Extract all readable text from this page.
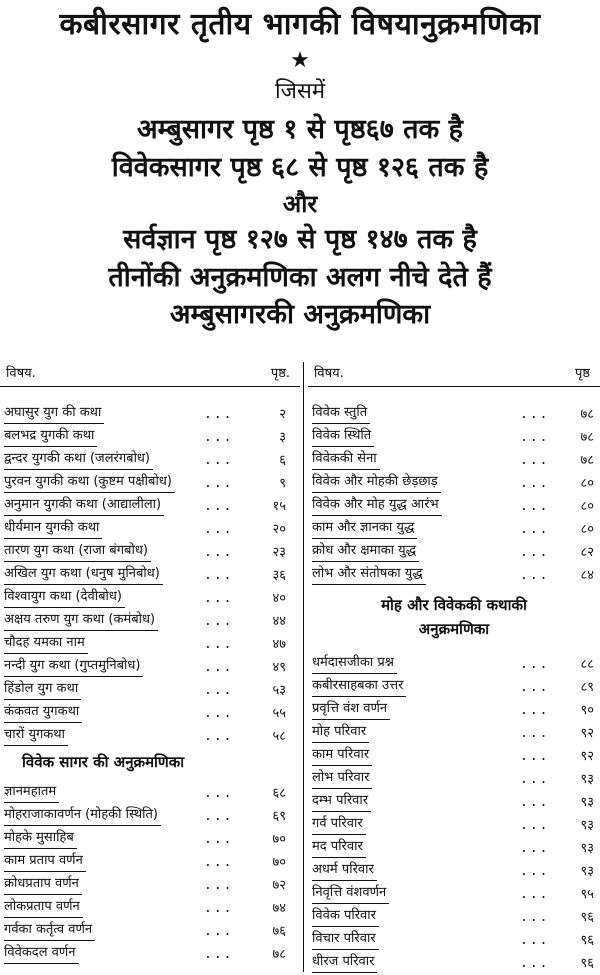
कबीरसागर तृतीय भागकी विषयानुक्रमणिका
★
जिसमें
अम्बुसागर पृष्ठ १ से पृष्ठ६७ तक है
विवेकसागर पृष्ठ ६८ से पृष्ठ १२६ तक है
और
सर्वज्ञान पृष्ठ १२७ से पृष्ठ १४७ तक है
तीनोंकी अनुक्रमणिका अलग नीचे देते हैं
अम्बुसागरकी अनुक्रमणिका
विषय.	पृष्ठ.
अघासुर युग की कथा	...	२
बलभद्र युगकी कथा	...	३
द्वन्दर युगकी कथा (जलरंगबोध)	...	६
पुरवन युगकी कथा (कुष्टम पक्षीबोध) ...	९
अनुमान युगकी कथा (आद्यालीला)	...	१५
धीर्यमान युगकी कथा	...	२०
तारण युग कथा (राजा बंगबोध)	...	२३
अखिल युग कथा (धनुष मुनिबोध)	...	३६
विश्वायुग कथा (देवीबोध)	...	४०
अक्षय तरुण युग कथा (कमंबोध)	...	४४
चौदह यमका नाम	...	४७
नन्दी युग कथा (गुप्तमुनिबोध)	...	४९
हिंडोल युग कथा	...	५३
कंकवत युगकथा	...	५५
चारों युगकथा	...	५८
विवेक सागर की अनुक्रमणिका
ज्ञानमहातम	...	६८
मोहराजाकावर्णन (मोहकी स्थिति)	...	६९
मोहके मुसाहिब	...	७०
काम प्रताप वर्णन	...	७०
क्रोधप्रताप वर्णन	...	७२
लोकप्रताप वर्णन	...	७४
गर्वका कर्तृत्व वर्णन	...	७६
विवेकदल वर्णन	...	७८
विषय.	पृष्ठ
विवेक स्तुति	... ७८
विवेक स्थिति	... ७८
विवेककी सेना	... ७८
विवेक और मोहकी छेड़छाड़	... ८०
विवेक और मोह युद्ध आरंभ	... ८०
काम और ज्ञानका युद्ध	... ८०
क्रोध और क्षमाका युद्ध	... ८२
लोभ और संतोषका युद्ध	... ८४
मोह और विवेककी कथाकी
अनुक्रमणिका
धर्मदासजीका प्रश्न	... ८८
कबीरसाहबका उत्तर	... ८९
प्रवृत्ति वंश वर्णन	... ९०
मोह परिवार	... ९२
काम परिवार	... ९२
लोभ परिवार	... ९३
दम्भ परिवार	... ९३
गर्व परिवार	... ९३
मद परिवार	... ९३
अधर्म परिवार	... ९३
निवृत्ति वंशवर्णन	... ९५
विवेक परिवार	... ९६
विचार परिवार	... ९६
धीरज परिवार	... ९६
